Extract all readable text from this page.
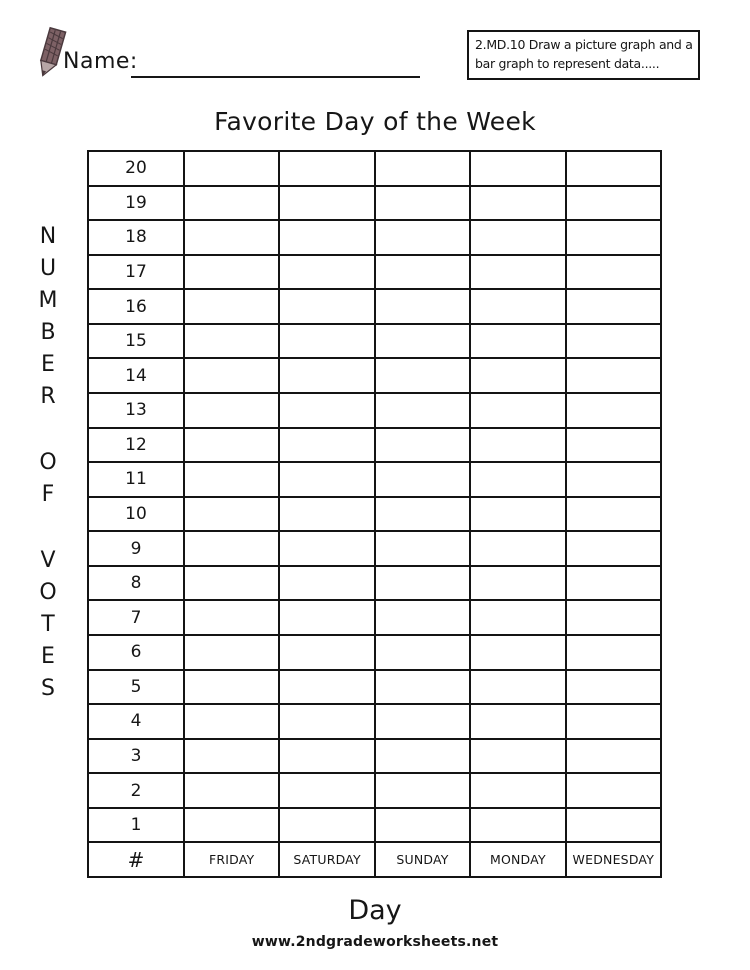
Name:
2.MD.10 Draw a picture graph and a
bar graph to represent data.....
Favorite Day of the Week
N
U
M
B
E
R
O
F
V
O
T
E
S
20
19
18
17
16
15
14
13
12
11
10
9
8
7
6
5
4
3
2
1
#	FRIDAY	SATURDAY	SUNDAY	MONDAY	WEDNESDAY
Day
www.2ndgradeworksheets.net
